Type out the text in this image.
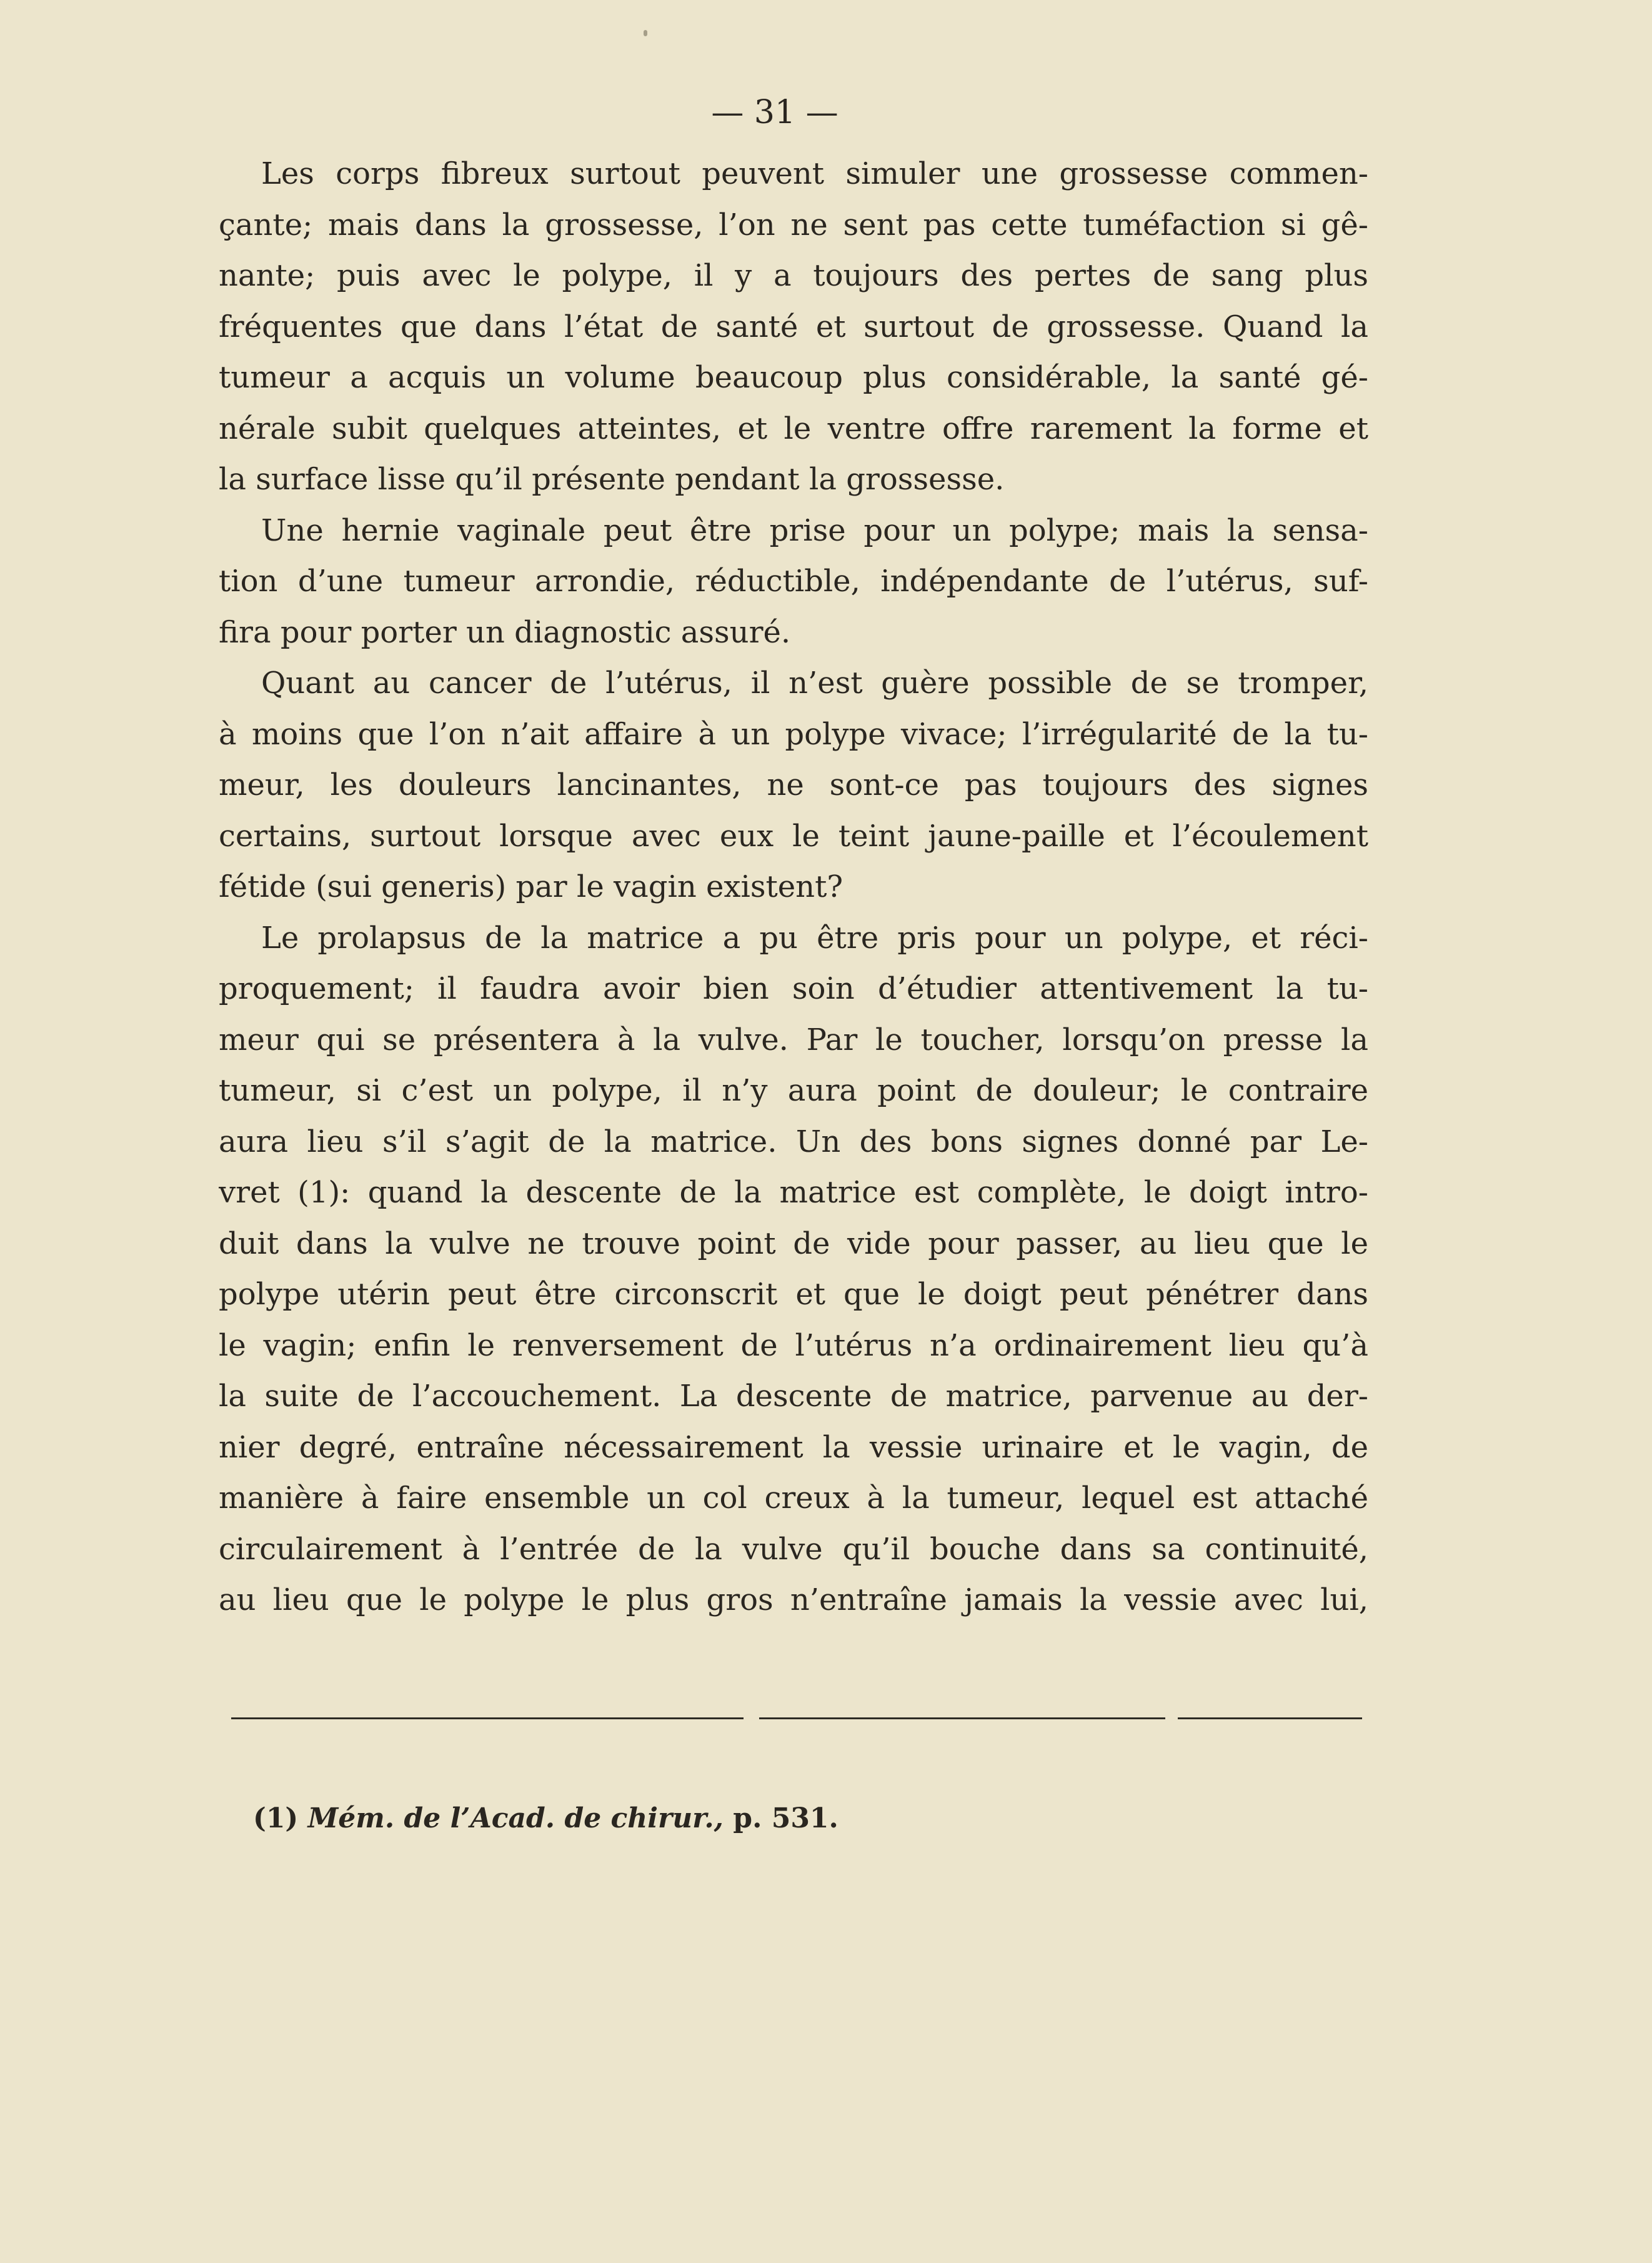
— 31 —
Les corps fibreux surtout peuvent simuler une grossesse commen-
çante; mais dans la grossesse, l’on ne sent pas cette tuméfaction si gê-
nante; puis avec le polype, il y a toujours des pertes de sang plus
fréquentes que dans l’état de santé et surtout de grossesse. Quand la
tumeur a acquis un volume beaucoup plus considérable, la santé gé-
nérale subit quelques atteintes, et le ventre offre rarement la forme et
la surface lisse qu’il présente pendant la grossesse.
Une hernie vaginale peut être prise pour un polype; mais la sensa-
tion d’une tumeur arrondie, réductible, indépendante de l’utérus, suf-
fira pour porter un diagnostic assuré.
Quant au cancer de l’utérus, il n’est guère possible de se tromper,
à moins que l’on n’ait affaire à un polype vivace; l’irrégularité de la tu-
meur, les douleurs lancinantes, ne sont-ce pas toujours des signes
certains, surtout lorsque avec eux le teint jaune-paille et l’écoulement
fétide (sui generis) par le vagin existent?
Le prolapsus de la matrice a pu être pris pour un polype, et réci-
proquement; il faudra avoir bien soin d’étudier attentivement la tu-
meur qui se présentera à la vulve. Par le toucher, lorsqu’on presse la
tumeur, si c’est un polype, il n’y aura point de douleur; le contraire
aura lieu s’il s’agit de la matrice. Un des bons signes donné par Le-
vret (1): quand la descente de la matrice est complète, le doigt intro-
duit dans la vulve ne trouve point de vide pour passer, au lieu que le
polype utérin peut être circonscrit et que le doigt peut pénétrer dans
le vagin; enfin le renversement de l’utérus n’a ordinairement lieu qu’à
la suite de l’accouchement. La descente de matrice, parvenue au der-
nier degré, entraîne nécessairement la vessie urinaire et le vagin, de
manière à faire ensemble un col creux à la tumeur, lequel est attaché
circulairement à l’entrée de la vulve qu’il bouche dans sa continuité,
au lieu que le polype le plus gros n’entraîne jamais la vessie avec lui,
(1) Mém. de l’Acad. de chirur., p. 531.
